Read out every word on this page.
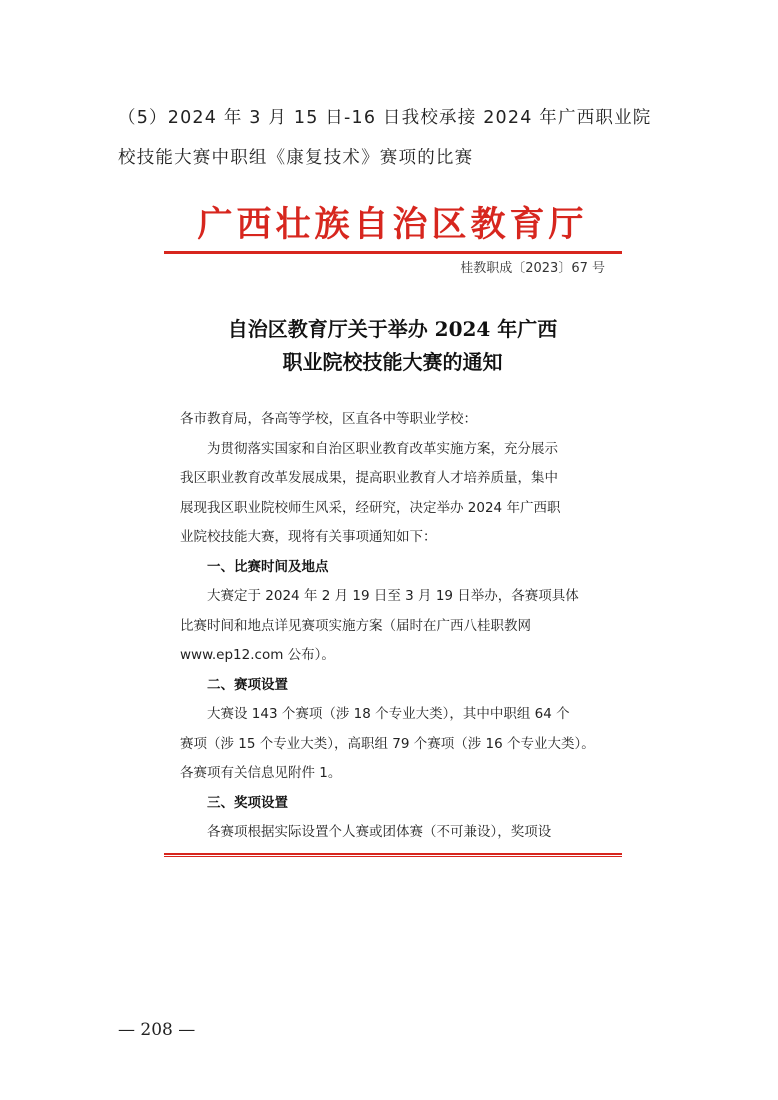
（5）2024 年 3 月 15 日-16 日我校承接 2024 年广西职业院
校技能大赛中职组《康复技术》赛项的比赛
广西壮族自治区教育厅
桂教职成〔2023〕67 号
自治区教育厅关于举办 2024 年广西
职业院校技能大赛的通知
各市教育局，各高等学校，区直各中等职业学校：
为贯彻落实国家和自治区职业教育改革实施方案，充分展示
我区职业教育改革发展成果，提高职业教育人才培养质量，集中
展现我区职业院校师生风采，经研究，决定举办 2024 年广西职
业院校技能大赛，现将有关事项通知如下：
一、比赛时间及地点
大赛定于 2024 年 2 月 19 日至 3 月 19 日举办，各赛项具体
比赛时间和地点详见赛项实施方案（届时在广西八桂职教网
www.ep12.com 公布）。
二、赛项设置
大赛设 143 个赛项（涉 18 个专业大类），其中中职组 64 个
赛项（涉 15 个专业大类），高职组 79 个赛项（涉 16 个专业大类）。
各赛项有关信息见附件 1。
三、奖项设置
各赛项根据实际设置个人赛或团体赛（不可兼设），奖项设
— 208 —
